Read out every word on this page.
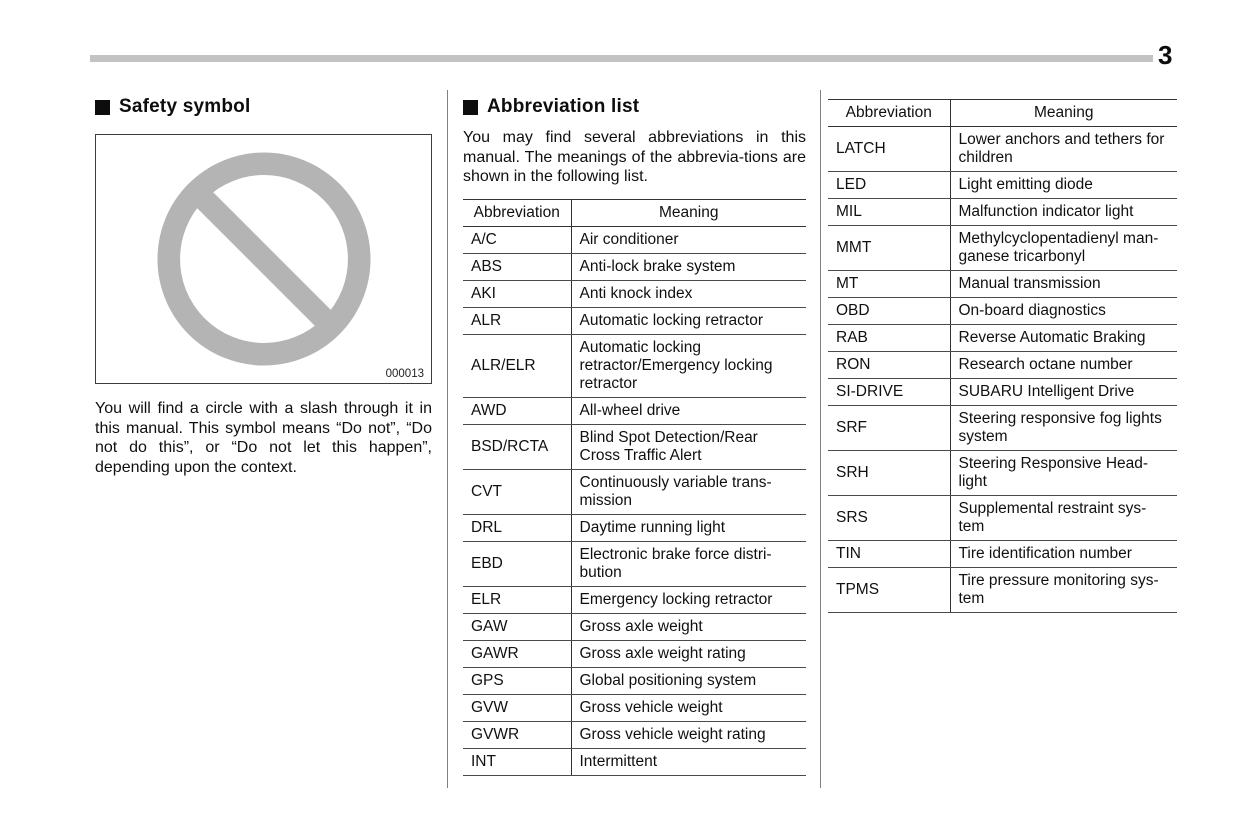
3
Safety symbol
000013

You will find a circle with a slash through it in this manual. This symbol means “Do not”, “Do not do this”, or “Do not let this happen”, depending upon the context.

Abbreviation list

You may find several abbreviations in this manual. The meanings of the abbrevia-tions are shown in the following list.

Abbreviation	Meaning
A/C	Air conditioner
ABS	Anti-lock brake system
AKI	Anti knock index
ALR	Automatic locking retractor
ALR/ELR	Automatic locking retractor/Emergency locking retractor
AWD	All-wheel drive
BSD/RCTA	Blind Spot Detection/Rear Cross Traffic Alert
CVT	Continuously variable trans-mission
DRL	Daytime running light
EBD	Electronic brake force distri-bution
ELR	Emergency locking retractor
GAW	Gross axle weight
GAWR	Gross axle weight rating
GPS	Global positioning system
GVW	Gross vehicle weight
GVWR	Gross vehicle weight rating
INT	Intermittent
Abbreviation	Meaning
LATCH	Lower anchors and tethers for children
LED	Light emitting diode
MIL	Malfunction indicator light
MMT	Methylcyclopentadienyl man-ganese tricarbonyl
MT	Manual transmission
OBD	On-board diagnostics
RAB	Reverse Automatic Braking
RON	Research octane number
SI-DRIVE	SUBARU Intelligent Drive
SRF	Steering responsive fog lights system
SRH	Steering Responsive Head-light
SRS	Supplemental restraint sys-tem
TIN	Tire identification number
TPMS	Tire pressure monitoring sys-tem
